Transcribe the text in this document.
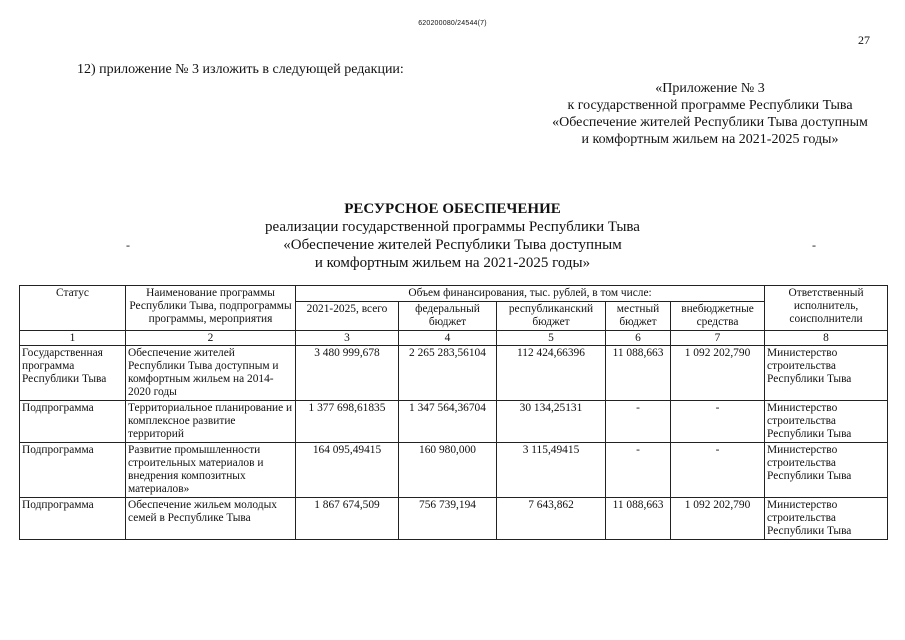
620200080/24544(7)
27
12) приложение № 3 изложить в следующей редакции:
«Приложение № 3
к государственной программе Республики Тыва
«Обеспечение жителей Республики Тыва доступным
и комфортным жильем на 2021-2025 годы»
РЕСУРСНОЕ ОБЕСПЕЧЕНИЕ
реализации государственной программы Республики Тыва
«Обеспечение жителей Республики Тыва доступным
и комфортным жильем на 2021-2025 годы»
-	-
Статус	Наименование программы Республики Тыва, подпрограммы программы, мероприятия	Объем финансирования, тыс. рублей, в том числе:					Ответственный исполнитель, соисполнители
		2021-2025, всего	федеральный бюджет	республиканский бюджет	местный бюджет	внебюджетные средства	
1	2	3	4	5	6	7	8
Государственная программа Республики Тыва	Обеспечение жителей Республики Тыва доступным и комфортным жильем на 2014-2020 годы	3 480 999,678	2 265 283,56104	112 424,66396	11 088,663	1 092 202,790	Министерство строительства Республики Тыва
Подпрограмма	Территориальное планирование и комплексное развитие территорий	1 377 698,61835	1 347 564,36704	30 134,25131	-	-	Министерство строительства Республики Тыва
Подпрограмма	Развитие промышленности строительных материалов и внедрения композитных материалов»	164 095,49415	160 980,000	3 115,49415	-	-	Министерство строительства Республики Тыва
Подпрограмма	Обеспечение жильем молодых семей в Республике Тыва	1 867 674,509	756 739,194	7 643,862	11 088,663	1 092 202,790	Министерство строительства Республики Тыва
